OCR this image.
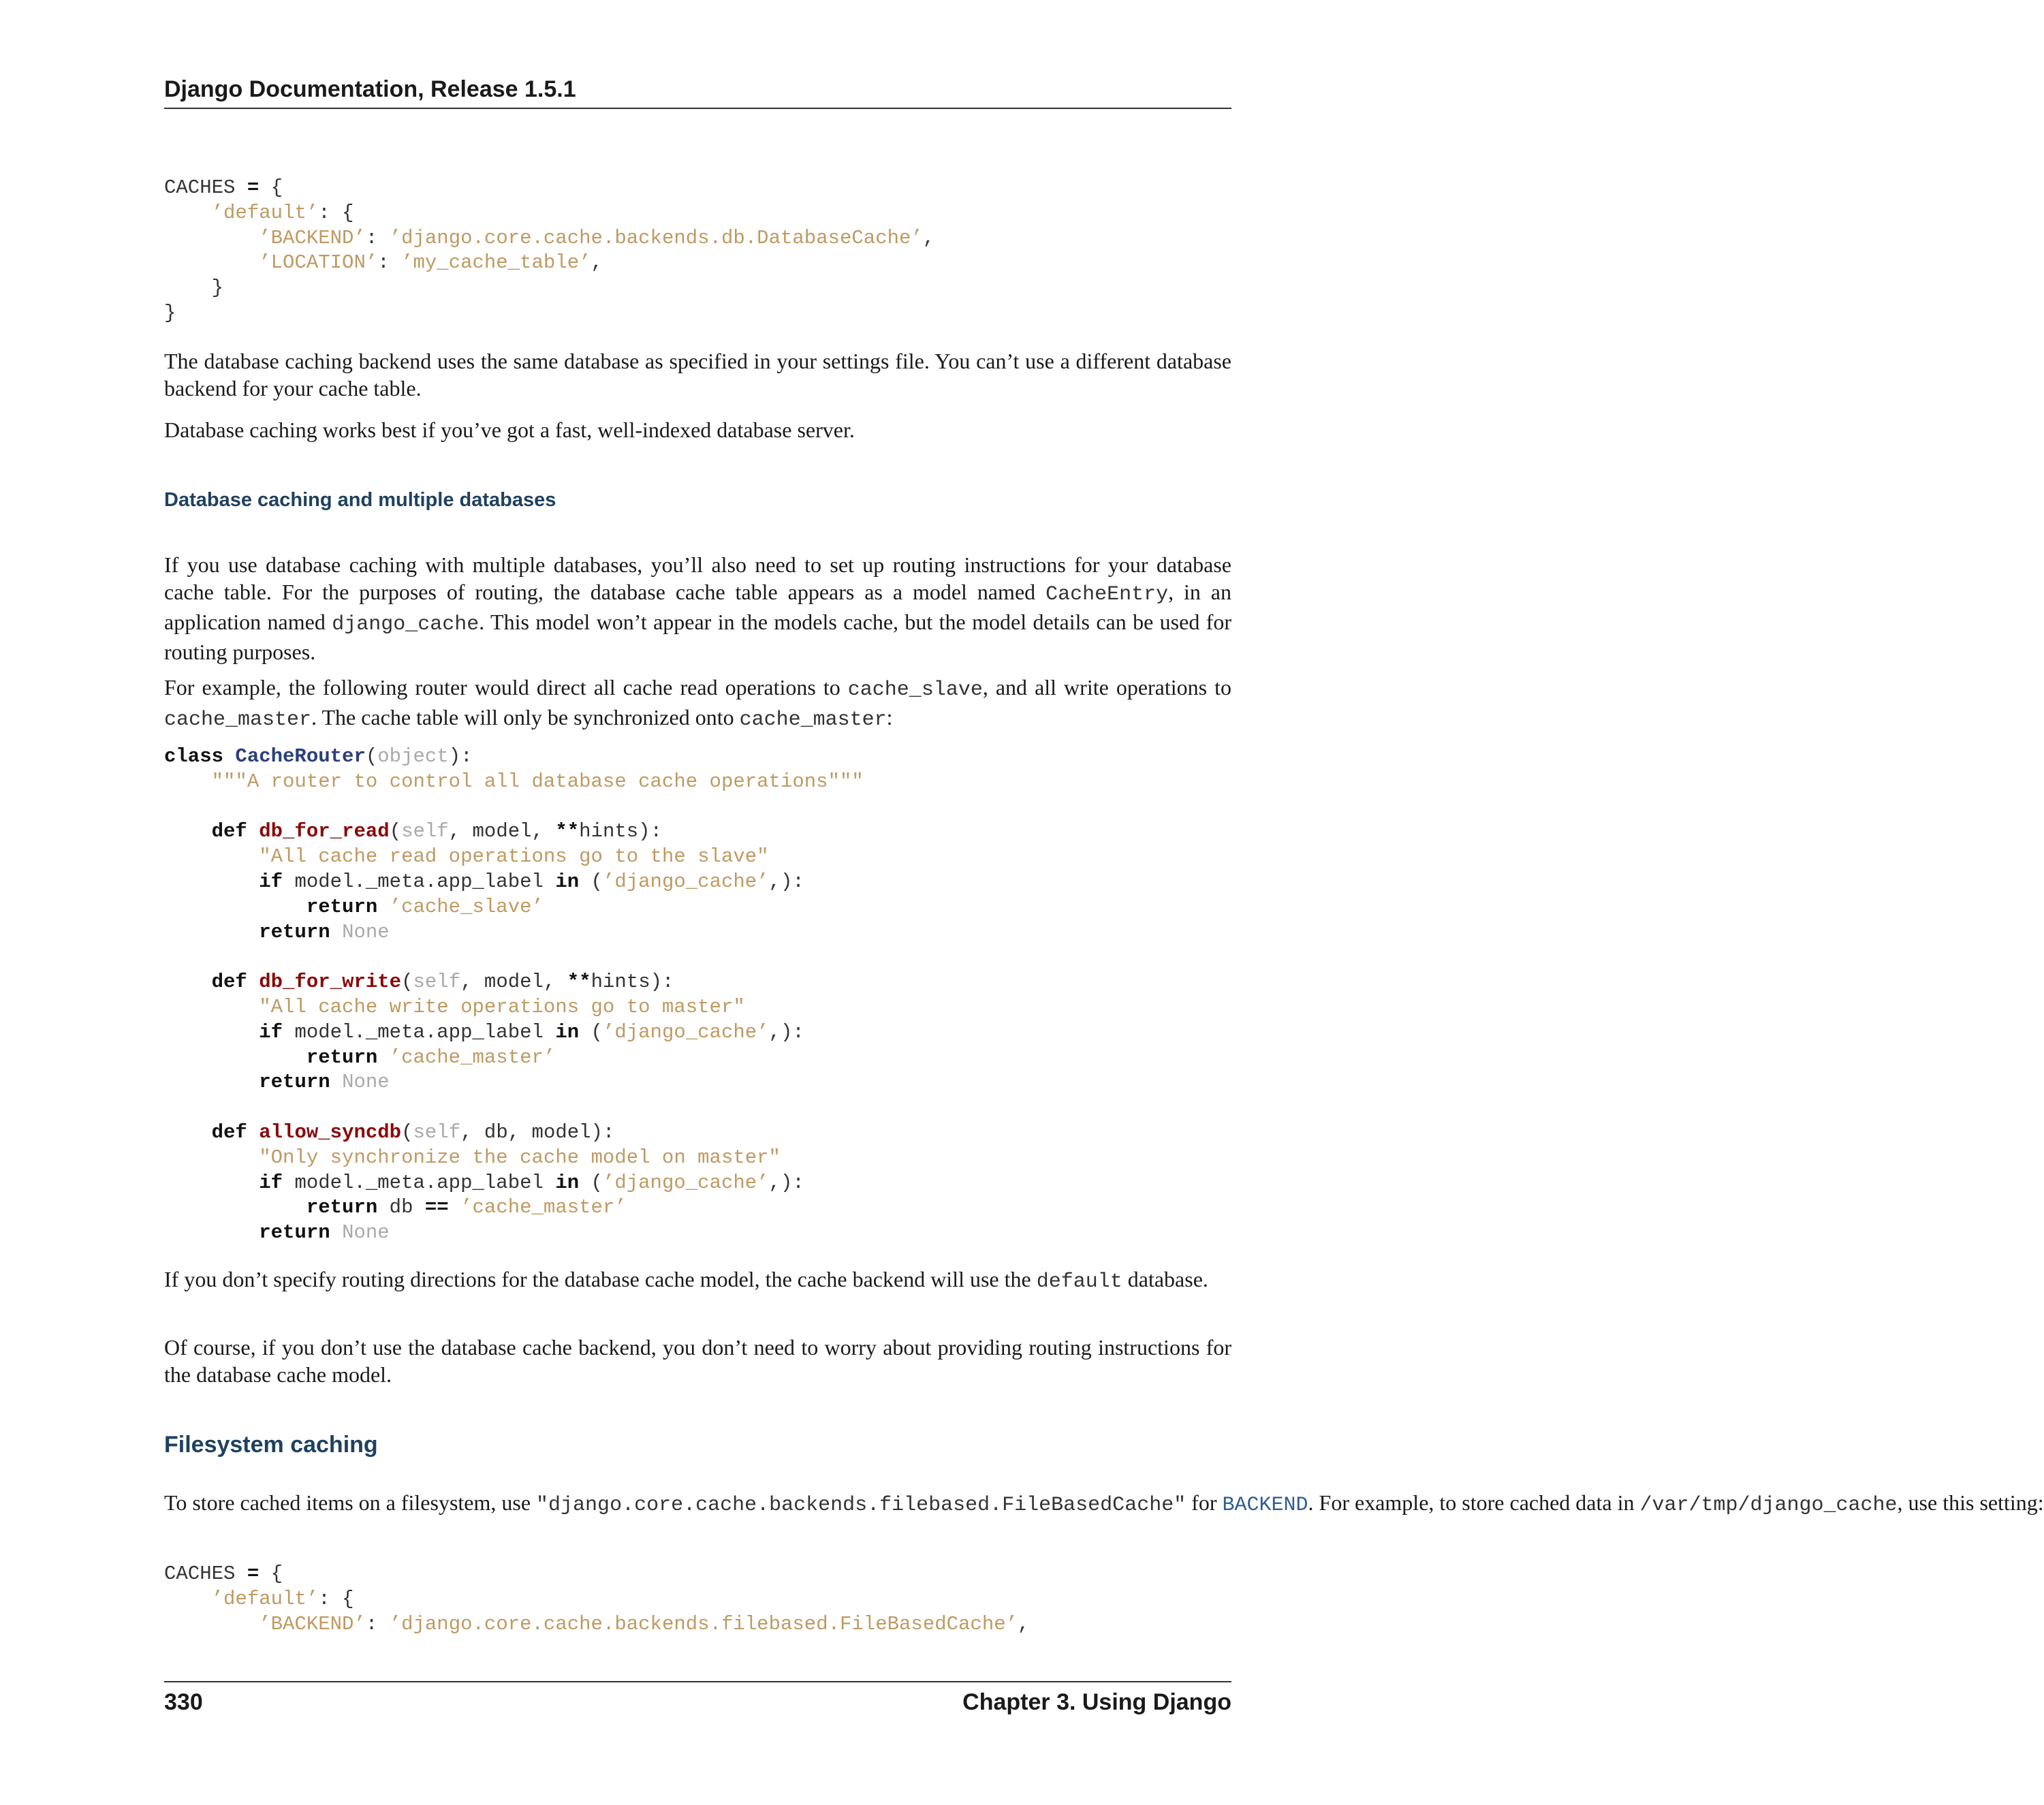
Django Documentation, Release 1.5.1
CACHES = {
’default’: {
’BACKEND’: ’django.core.cache.backends.db.DatabaseCache’,
’LOCATION’: ’my_cache_table’,
}
}

The database caching backend uses the same database as specified in your settings file. You can’t use a different database backend for your cache table.

Database caching works best if you’ve got a fast, well-indexed database server.

Database caching and multiple databases

If you use database caching with multiple databases, you’ll also need to set up routing instructions for your database cache table. For the purposes of routing, the database cache table appears as a model named CacheEntry, in an application named django_cache. This model won’t appear in the models cache, but the model details can be used for routing purposes.

For example, the following router would direct all cache read operations to cache_slave, and all write operations to cache_master. The cache table will only be synchronized onto cache_master:

class CacheRouter(object):
"""A router to control all database cache operations"""

def db_for_read(self, model, **hints):
"All cache read operations go to the slave"
if model._meta.app_label in (’django_cache’,):
return ’cache_slave’
return None

def db_for_write(self, model, **hints):
"All cache write operations go to master"
if model._meta.app_label in (’django_cache’,):
return ’cache_master’
return None

def allow_syncdb(self, db, model):
"Only synchronize the cache model on master"
if model._meta.app_label in (’django_cache’,):
return db == ’cache_master’
return None

If you don’t specify routing directions for the database cache model, the cache backend will use the default database.

Of course, if you don’t use the database cache backend, you don’t need to worry about providing routing instructions for the database cache model.

Filesystem caching

To store cached items on a filesystem, use "django.core.cache.backends.filebased.FileBasedCache" for BACKEND. For example, to store cached data in /var/tmp/django_cache, use this setting:

CACHES = {
’default’: {
’BACKEND’: ’django.core.cache.backends.filebased.FileBasedCache’,
330	Chapter 3. Using Django
